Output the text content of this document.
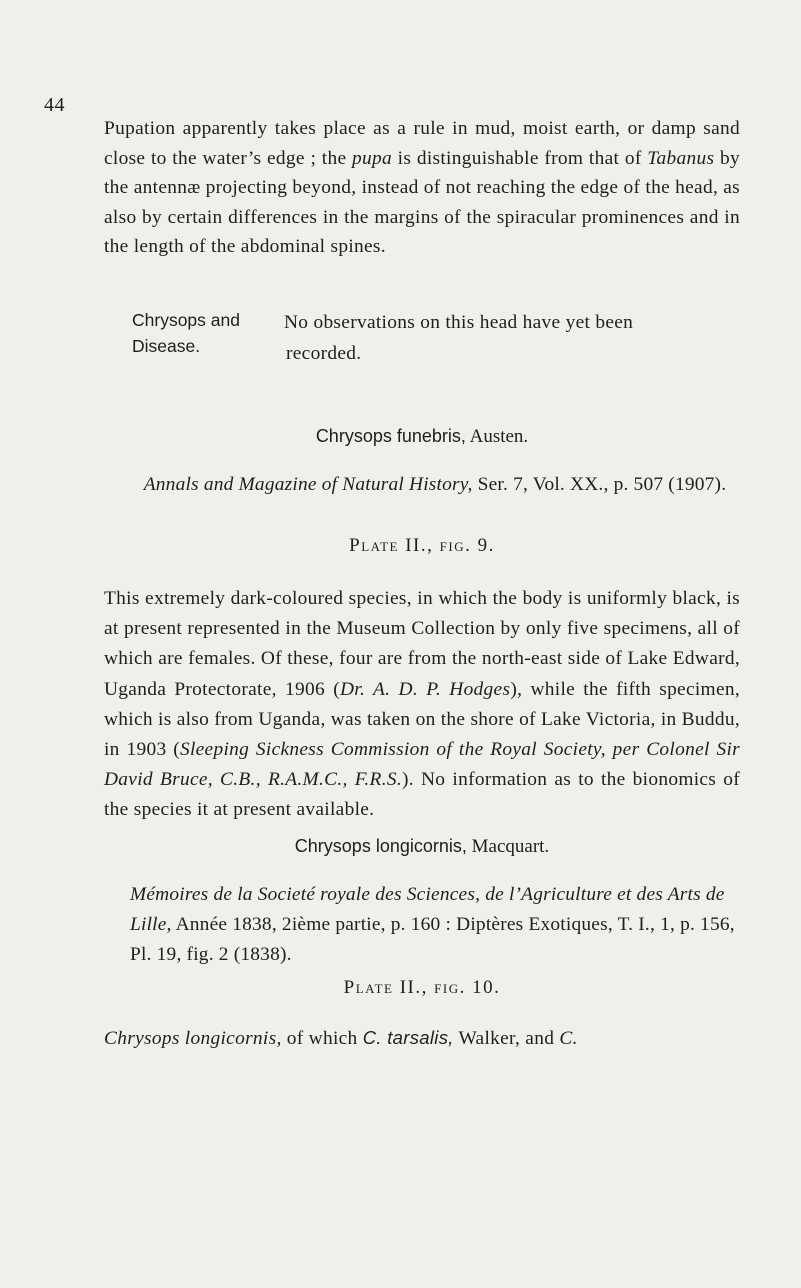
44
Pupation apparently takes place as a rule in mud, moist earth, or damp sand close to the water’s edge ; the pupa is distinguishable from that of Tabanus by the antennæ projecting beyond, instead of not reaching the edge of the head, as also by certain differences in the margins of the spiracular prominences and in the length of the abdominal spines.
Chrysops and
Disease.
No observations on this head have yet been
recorded.
Chrysops funebris, Austen.
Annals and Magazine of Natural History, Ser. 7, Vol. XX., p. 507 (1907).
Plate II., fig. 9.
This extremely dark-coloured species, in which the body is uniformly black, is at present represented in the Museum Collection by only five specimens, all of which are females. Of these, four are from the north-east side of Lake Edward, Uganda Protectorate, 1906 (Dr. A. D. P. Hodges), while the fifth specimen, which is also from Uganda, was taken on the shore of Lake Victoria, in Buddu, in 1903 (Sleeping Sickness Commission of the Royal Society, per Colonel Sir David Bruce, C.B., R.A.M.C., F.R.S.). No information as to the bionomics of the species it at present available.
Chrysops longicornis, Macquart.
Mémoires de la Societé royale des Sciences, de l’Agriculture et des Arts de Lille, Année 1838, 2ième partie, p. 160 : Diptères Exotiques, T. I., 1, p. 156, Pl. 19, fig. 2 (1838).
Plate II., fig. 10.
Chrysops longicornis, of which C. tarsalis, Walker, and C.
